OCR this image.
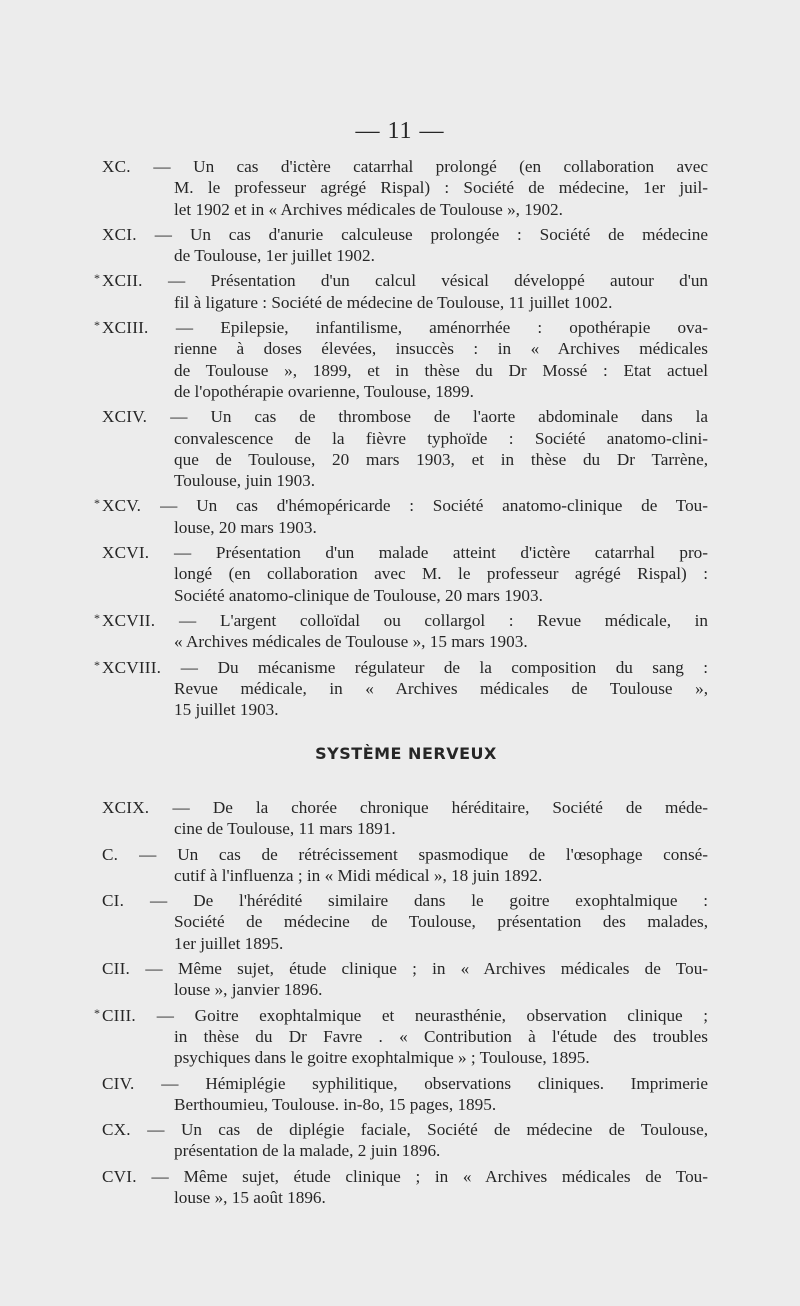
— 11 —
XC. — Un cas d'ictère catarrhal prolongé (en collaboration avec
M. le professeur agrégé Rispal) : Société de médecine, 1er juil-
let 1902 et in « Archives médicales de Toulouse », 1902.
XCI. — Un cas d'anurie calculeuse prolongée : Société de médecine
de Toulouse, 1er juillet 1902.
* XCII. — Présentation d'un calcul vésical développé autour d'un
fil à ligature : Société de médecine de Toulouse, 11 juillet 1002.
* XCIII. — Epilepsie, infantilisme, aménorrhée : opothérapie ova-
rienne à doses élevées, insuccès : in « Archives médicales
de Toulouse », 1899, et in thèse du Dr Mossé : Etat actuel
de l'opothérapie ovarienne, Toulouse, 1899.
XCIV. — Un cas de thrombose de l'aorte abdominale dans la
convalescence de la fièvre typhoïde : Société anatomo-clini-
que de Toulouse, 20 mars 1903, et in thèse du Dr Tarrène,
Toulouse, juin 1903.
* XCV. — Un cas d'hémopéricarde : Société anatomo-clinique de Tou-
louse, 20 mars 1903.
XCVI. — Présentation d'un malade atteint d'ictère catarrhal pro-
longé (en collaboration avec M. le professeur agrégé Rispal) :
Société anatomo-clinique de Toulouse, 20 mars 1903.
* XCVII. — L'argent colloïdal ou collargol : Revue médicale, in
« Archives médicales de Toulouse », 15 mars 1903.
* XCVIII. — Du mécanisme régulateur de la composition du sang :
Revue médicale, in « Archives médicales de Toulouse »,
15 juillet 1903.
SYSTÈME NERVEUX
XCIX. — De la chorée chronique héréditaire, Société de méde-
cine de Toulouse, 11 mars 1891.
C. — Un cas de rétrécissement spasmodique de l'œsophage consé-
cutif à l'influenza ; in « Midi médical », 18 juin 1892.
CI. — De l'hérédité similaire dans le goitre exophtalmique :
Société de médecine de Toulouse, présentation des malades,
1er juillet 1895.
CII. — Même sujet, étude clinique ; in « Archives médicales de Tou-
louse », janvier 1896.
* CIII. — Goitre exophtalmique et neurasthénie, observation clinique ;
in thèse du Dr Favre . « Contribution à l'étude des troubles
psychiques dans le goitre exophtalmique » ; Toulouse, 1895.
CIV. — Hémiplégie syphilitique, observations cliniques. Imprimerie
Berthoumieu, Toulouse. in-8o, 15 pages, 1895.
CX. — Un cas de diplégie faciale, Société de médecine de Toulouse,
présentation de la malade, 2 juin 1896.
CVI. — Même sujet, étude clinique ; in « Archives médicales de Tou-
louse », 15 août 1896.
